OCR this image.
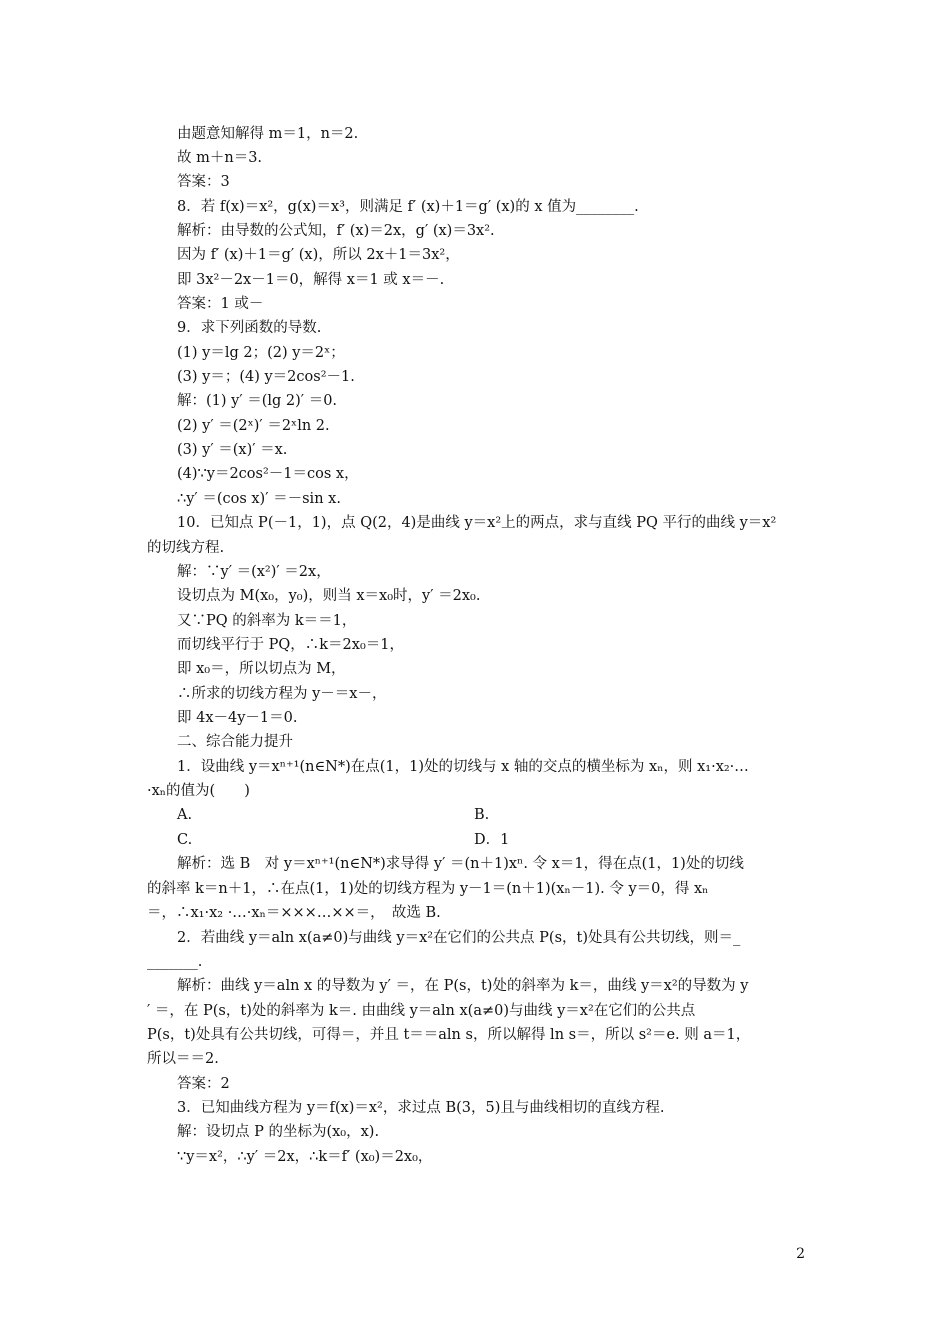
由题意知解得 m＝1，n＝2.
故 m＋n＝3.
答案：3
8．若 f(x)＝x²，g(x)＝x³，则满足 f′ (x)＋1＝g′ (x)的 x 值为________.
解析：由导数的公式知，f′ (x)＝2x，g′ (x)＝3x².
因为 f′ (x)＋1＝g′ (x)，所以 2x＋1＝3x²，
即 3x²－2x－1＝0，解得 x＝1 或 x＝－.
答案：1 或－
9．求下列函数的导数.
(1) y＝lg 2；(2) y＝2ˣ；
(3) y＝；(4) y＝2cos²－1.
解：(1) y′ ＝(lg 2)′ ＝0.
(2) y′ ＝(2ˣ)′ ＝2ˣln 2.
(3) y′ ＝(x)′ ＝x.
(4)∵y＝2cos²－1＝cos x，
∴y′ ＝(cos x)′ ＝－sin x.
10．已知点 P(－1，1)，点 Q(2，4)是曲线 y＝x²上的两点，求与直线 PQ 平行的曲线 y＝x²
的切线方程.
解：∵y′ ＝(x²)′ ＝2x，
设切点为 M(x₀，y₀)，则当 x＝x₀时，y′ ＝2x₀.
又∵PQ 的斜率为 k＝＝1，
而切线平行于 PQ，∴k＝2x₀＝1，
即 x₀＝，所以切点为 M，
∴所求的切线方程为 y－＝x－，
即 4x－4y－1＝0.
二、综合能力提升
1．设曲线 y＝xⁿ⁺¹(n∈N*)在点(1，1)处的切线与 x 轴的交点的横坐标为 xₙ，则 x₁·x₂·…
·xₙ的值为(　　)
A.	B.
C.	D．1
解析：选 B　对 y＝xⁿ⁺¹(n∈N*)求导得 y′ ＝(n＋1)xⁿ. 令 x＝1，得在点(1，1)处的切线
的斜率 k＝n＋1，∴在点(1，1)处的切线方程为 y－1＝(n＋1)(xₙ－1). 令 y＝0，得 xₙ
＝，∴x₁·x₂ ·…·xₙ＝×××…××＝，　故选 B.
2．若曲线 y＝aln x(a≠0)与曲线 y＝x²在它们的公共点 P(s，t)处具有公共切线，则＝_
_______.
解析：曲线 y＝aln x 的导数为 y′ ＝，在 P(s，t)处的斜率为 k＝，曲线 y＝x²的导数为 y
′ ＝，在 P(s，t)处的斜率为 k＝. 由曲线 y＝aln x(a≠0)与曲线 y＝x²在它们的公共点
P(s，t)处具有公共切线，可得＝，并且 t＝＝aln s，所以解得 ln s＝，所以 s²＝e. 则 a＝1，
所以＝＝2.
答案：2
3．已知曲线方程为 y＝f(x)＝x²，求过点 B(3，5)且与曲线相切的直线方程.
解：设切点 P 的坐标为(x₀，x).
∵y＝x²，∴y′ ＝2x，∴k＝f′ (x₀)＝2x₀，
2
